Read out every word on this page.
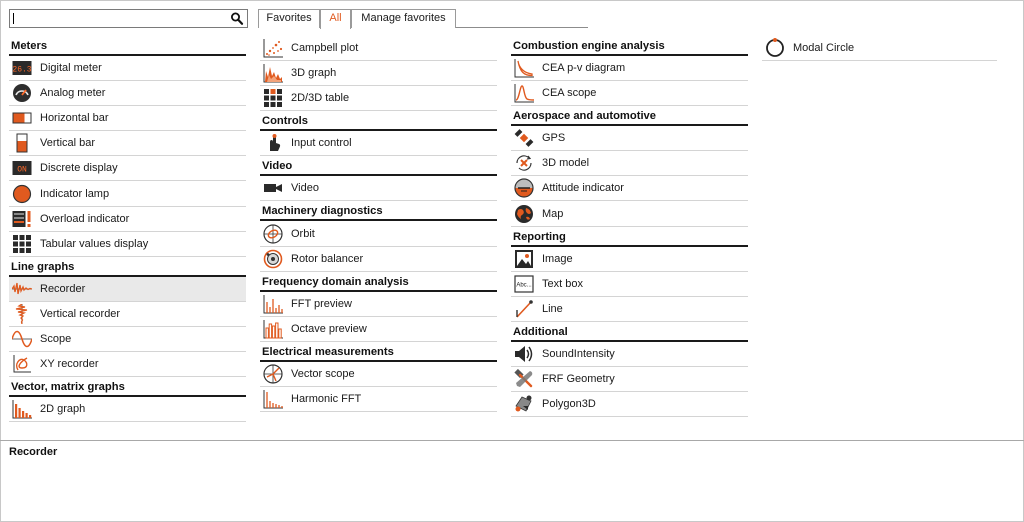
Favorites	All	Manage favorites
Meters
26.3 Digital meter
Analog meter
Horizontal bar
Vertical bar
ON Discrete display
Indicator lamp
Overload indicator
Tabular values display
Line graphs
Recorder
Vertical recorder
Scope
XY recorder
Vector, matrix graphs
2D graph
Campbell plot
3D graph
2D/3D table
Controls
Input control
Video
Video
Machinery diagnostics
Orbit
Rotor balancer
Frequency domain analysis
FFT preview
Octave preview
Electrical measurements
Vector scope
Harmonic FFT
Combustion engine analysis
CEA p-v diagram
CEA scope
Aerospace and automotive
GPS
3D model
Attitude indicator
Map
Reporting
Image
Abc... Text box
Line
Additional
SoundIntensity
FRF Geometry
Polygon3D
Modal Circle
Recorder
